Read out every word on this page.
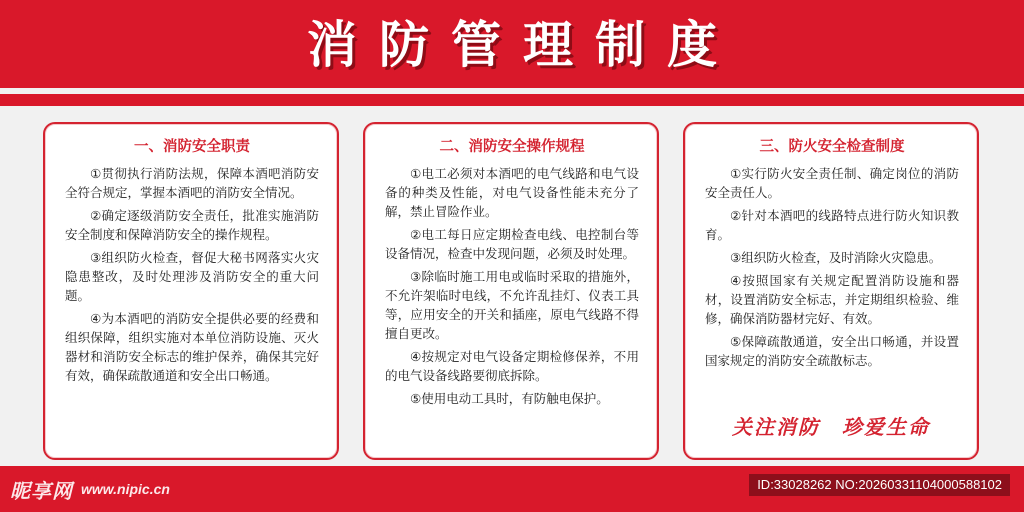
消防管理制度
一、消防安全职责

①贯彻执行消防法规，保障本酒吧消防安全符合规定，掌握本酒吧的消防安全情况。

②确定逐级消防安全责任，批准实施消防安全制度和保障消防安全的操作规程。

③组织防火检查，督促大秘书网落实火灾隐患整改，及时处理涉及消防安全的重大问题。

④为本酒吧的消防安全提供必要的经费和组织保障，组织实施对本单位消防设施、灭火器材和消防安全标志的维护保养，确保其完好有效，确保疏散通道和安全出口畅通。

二、消防安全操作规程

①电工必须对本酒吧的电气线路和电气设备的种类及性能，对电气设备性能未充分了解，禁止冒险作业。

②电工每日应定期检查电线、电控制台等设备情况，检查中发现问题，必须及时处理。

③除临时施工用电或临时采取的措施外，不允许架临时电线，不允许乱挂灯、仪表工具等，应用安全的开关和插座，原电气线路不得擅自更改。

④按规定对电气设备定期检修保养，不用的电气设备线路要彻底拆除。

⑤使用电动工具时，有防触电保护。

三、防火安全检查制度

①实行防火安全责任制、确定岗位的消防安全责任人。

②针对本酒吧的线路特点进行防火知识教育。

③组织防火检查，及时消除火灾隐患。

④按照国家有关规定配置消防设施和器材，设置消防安全标志，并定期组织检验、维修，确保消防器材完好、有效。

⑤保障疏散通道，安全出口畅通，并设置国家规定的消防安全疏散标志。

关注消防　珍爱生命
昵享网 www.nipic.cn	ID:33028262 NO:20260331104000588102
